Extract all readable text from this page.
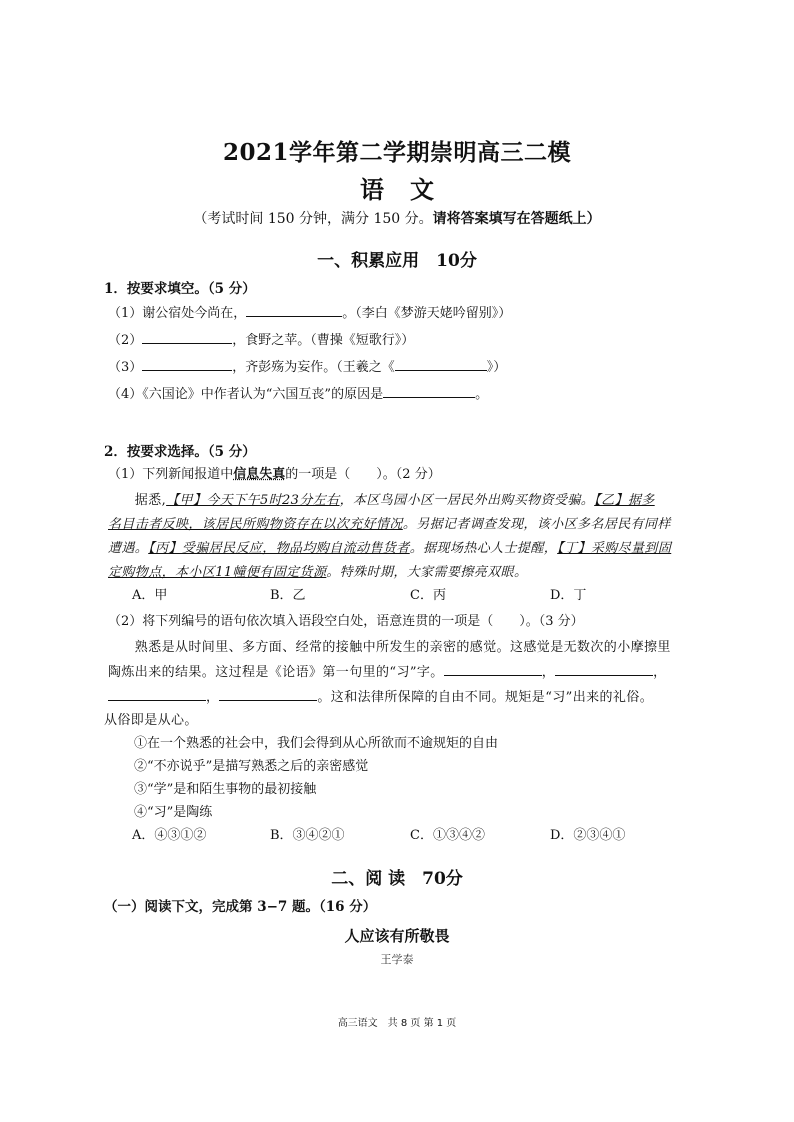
2021学年第二学期崇明高三二模
语文
（考试时间 150 分钟，满分 150 分。请将答案填写在答题纸上）
一、积累应用　10分
1．按要求填空。（5 分）
（1）谢公宿处今尚在，	。（李白《梦游天姥吟留别》）
（2）	，食野之苹。（曹操《短歌行》）
（3）	，齐彭殇为妄作。（王羲之《	》）
（4）《六国论》中作者认为“六国互丧”的原因是	。
2．按要求选择。（5 分）
（1）下列新闻报道中信息失真的一项是（　　）。（2 分）
　　据悉,【甲】今天下午5时23分左右，本区鸟园小区一居民外出购买物资受骗。【乙】据多
名目击者反映，该居民所购物资存在以次充好情况。另据记者调查发现，该小区多名居民有同样
遭遇。【丙】受骗居民反应，物品均购自流动售货者。据现场热心人士提醒，【丁】采购尽量到固
定购物点，本小区11幢便有固定货源。特殊时期，大家需要擦亮双眼。
A．甲	B．乙	C．丙	D．丁
（2）将下列编号的语句依次填入语段空白处，语意连贯的一项是（　　）。（3 分）
　　熟悉是从时间里、多方面、经常的接触中所发生的亲密的感觉。这感觉是无数次的小摩擦里
陶炼出来的结果。这过程是《论语》第一句里的“习”字。	，	，
，	。这和法律所保障的自由不同。规矩是“习”出来的礼俗。
从俗即是从心。
①在一个熟悉的社会中，我们会得到从心所欲而不逾规矩的自由
②“不亦说乎”是描写熟悉之后的亲密感觉
③“学”是和陌生事物的最初接触
④“习”是陶练
A．④③①②	B．③④②①	C．①③④②	D．②③④①
二、阅 读　70分
（一）阅读下文，完成第 3−7 题。（16 分）
人应该有所敬畏
王学泰
高三语文　共 8 页 第 1 页
